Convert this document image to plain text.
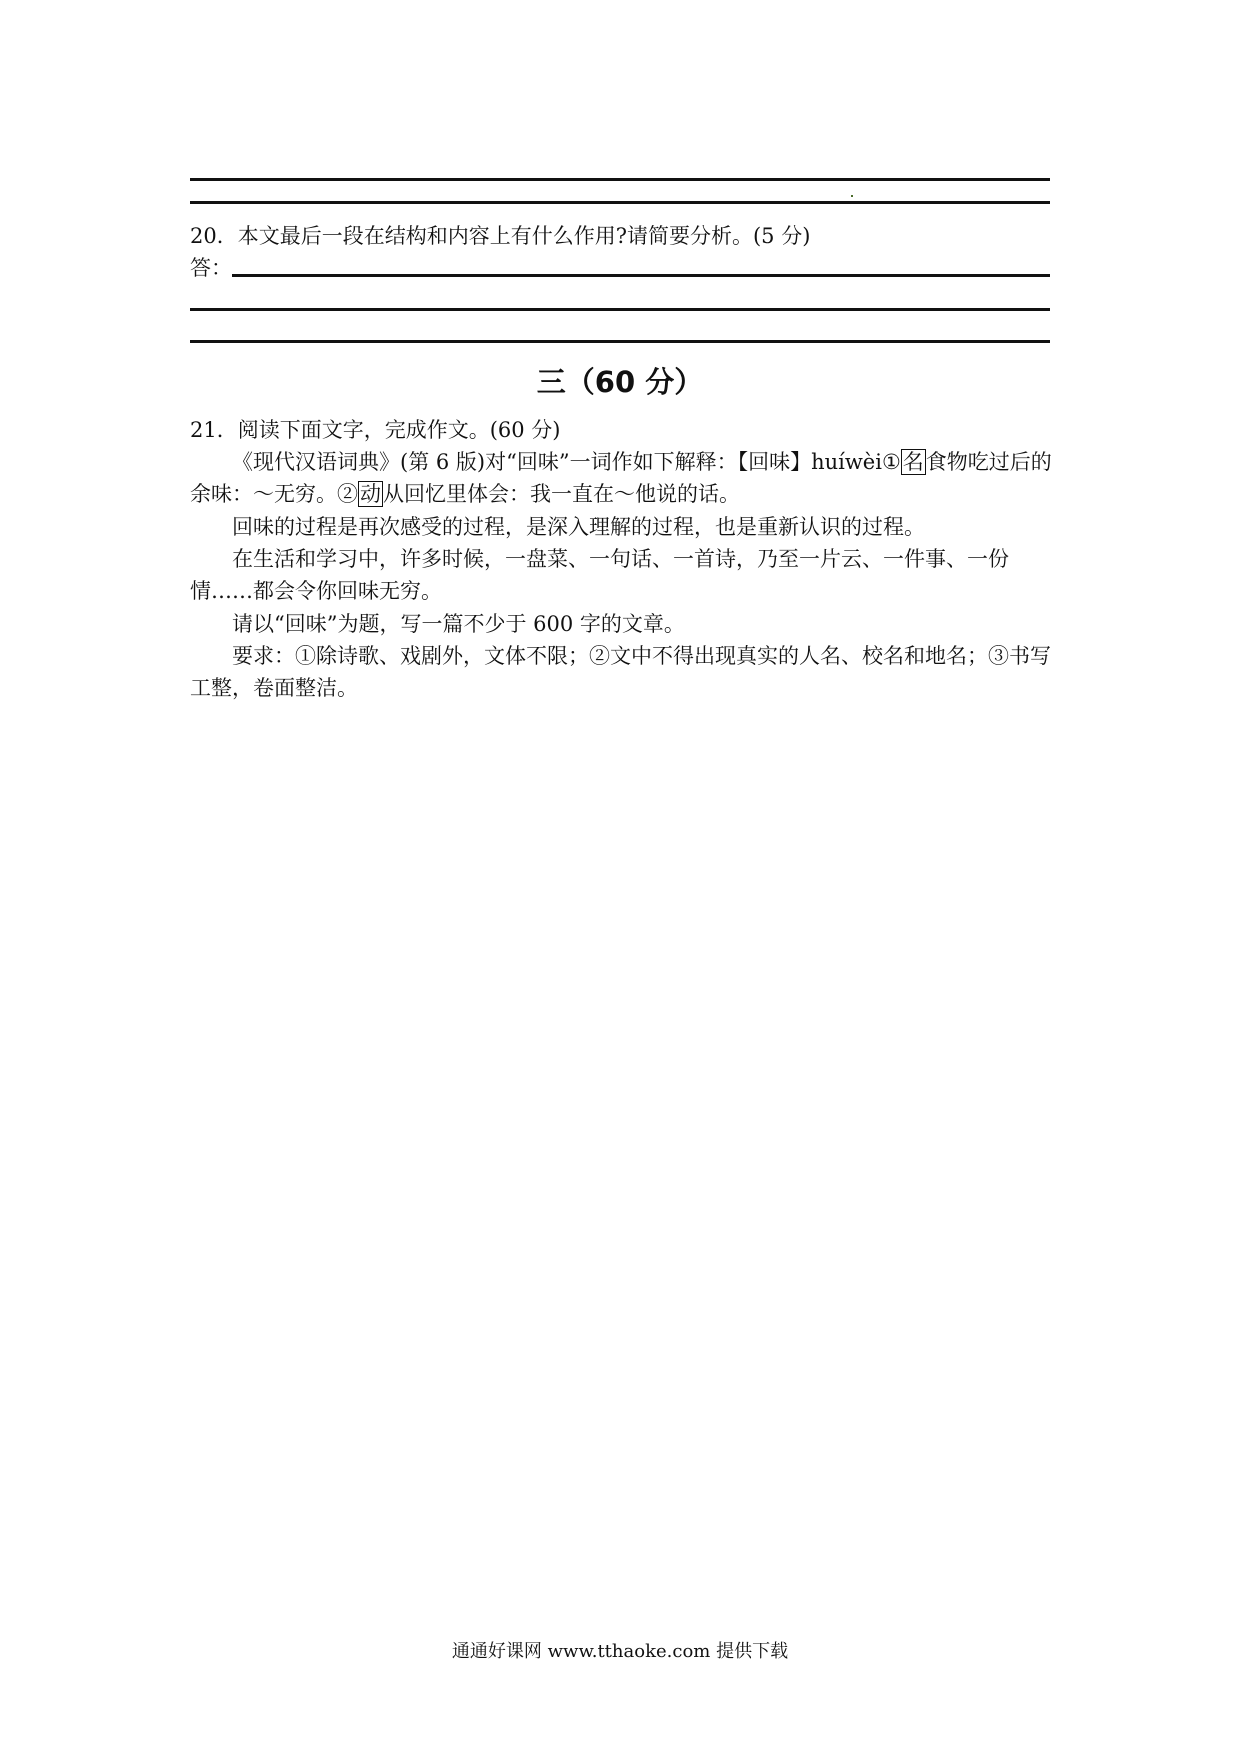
20．本文最后一段在结构和内容上有什么作用?请简要分析。(5 分)
答：
三（60 分）
21．阅读下面文字，完成作文。(60 分)
《现代汉语词典》(第 6 版)对“回味”一词作如下解释：【回味】huíwèi①名食物吃过后的余味：～无穷。②动从回忆里体会：我一直在～他说的话。
回味的过程是再次感受的过程，是深入理解的过程，也是重新认识的过程。
在生活和学习中，许多时候，一盘菜、一句话、一首诗，乃至一片云、一件事、一份情……都会令你回味无穷。
请以“回味”为题，写一篇不少于 600 字的文章。
要求：①除诗歌、戏剧外，文体不限；②文中不得出现真实的人名、校名和地名；③书写工整，卷面整洁。
通通好课网 www.tthaoke.com 提供下载
